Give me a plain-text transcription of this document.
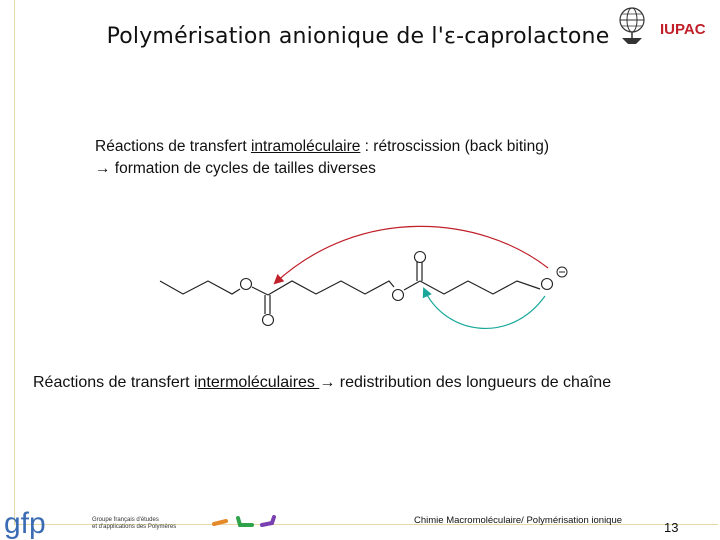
Polymérisation anionique de l'ε-caprolactone	IUPAC
Réactions de transfert intramoléculaire : rétroscission (back biting)
→ formation de cycles de tailles diverses
Réactions de transfert intermoléculaires → redistribution des longueurs de chaîne
gfp	Groupe français d'études
et d'applications des Polymères
Chimie Macromoléculaire/ Polymérisation ionique	13
